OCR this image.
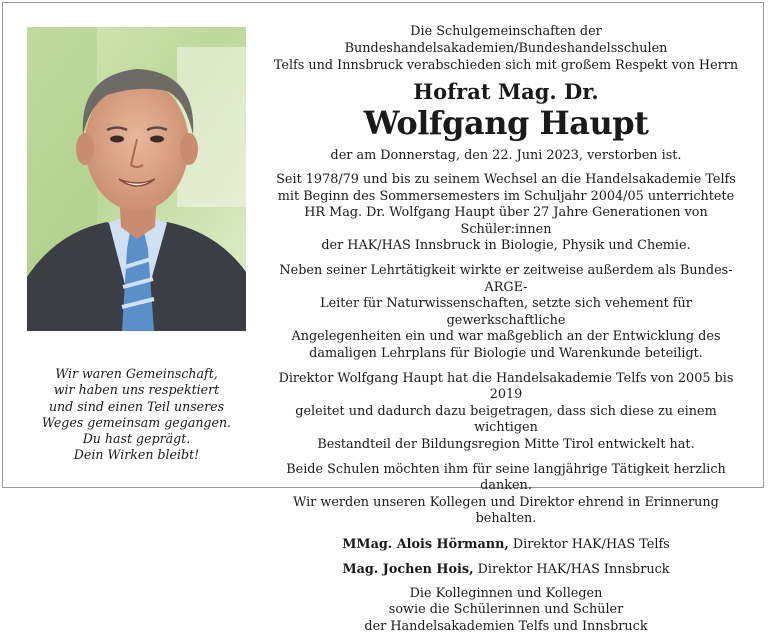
Wir waren Gemeinschaft,
wir haben uns respektiert
und sind einen Teil unseres
Weges gemeinsam gegangen.
Du hast geprägt.
Dein Wirken bleibt!
Die Schulgemeinschaften der Bundeshandelsakademien/Bundeshandelsschulen
Telfs und Innsbruck verabschieden sich mit großem Respekt von Herrn
Hofrat Mag. Dr.
Wolfgang Haupt
der am Donnerstag, den 22. Juni 2023, verstorben ist.
Seit 1978/79 und bis zu seinem Wechsel an die Handelsakademie Telfs
mit Beginn des Sommersemesters im Schuljahr 2004/05 unterrichtete
HR Mag. Dr. Wolfgang Haupt über 27 Jahre Generationen von Schüler:innen
der HAK/HAS Innsbruck in Biologie, Physik und Chemie.
Neben seiner Lehrtätigkeit wirkte er zeitweise außerdem als Bundes-ARGE-
Leiter für Naturwissenschaften, setzte sich vehement für gewerkschaftliche
Angelegenheiten ein und war maßgeblich an der Entwicklung des
damaligen Lehrplans für Biologie und Warenkunde beteiligt.
Direktor Wolfgang Haupt hat die Handelsakademie Telfs von 2005 bis 2019
geleitet und dadurch dazu beigetragen, dass sich diese zu einem wichtigen
Bestandteil der Bildungsregion Mitte Tirol entwickelt hat.
Beide Schulen möchten ihm für seine langjährige Tätigkeit herzlich danken.
Wir werden unseren Kollegen und Direktor ehrend in Erinnerung behalten.
MMag. Alois Hörmann, Direktor HAK/HAS Telfs
Mag. Jochen Hois, Direktor HAK/HAS Innsbruck
Die Kolleginnen und Kollegen
sowie die Schülerinnen und Schüler
der Handelsakademien Telfs und Innsbruck
